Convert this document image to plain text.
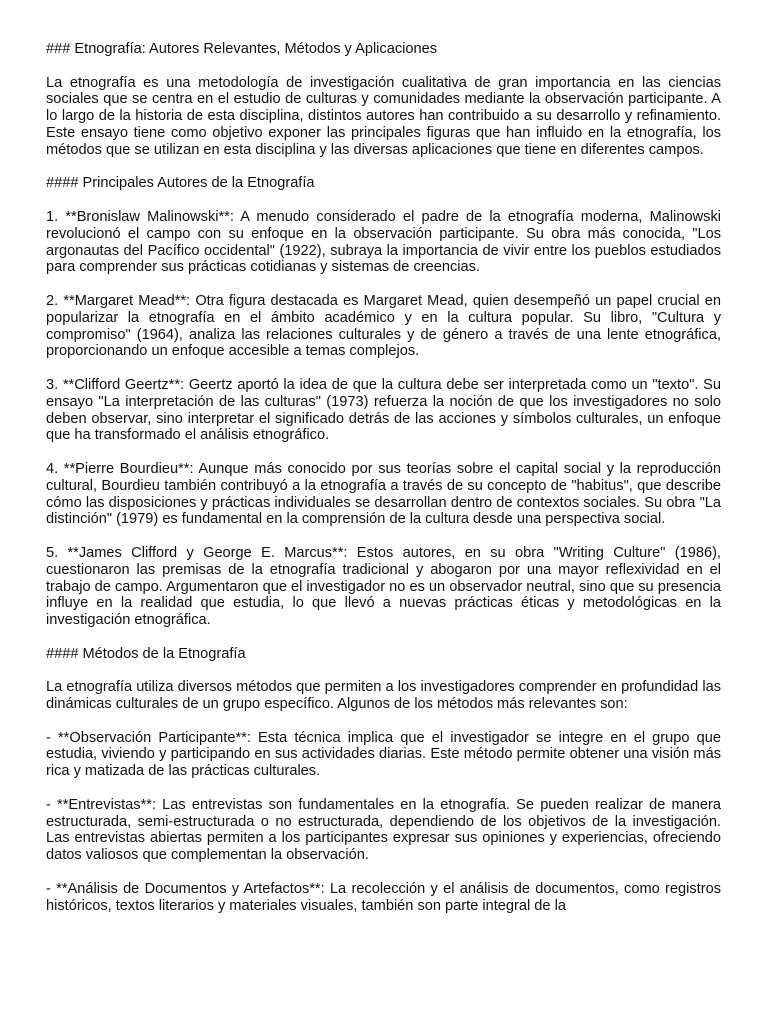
### Etnografía: Autores Relevantes, Métodos y Aplicaciones

La etnografía es una metodología de investigación cualitativa de gran importancia en las ciencias sociales que se centra en el estudio de culturas y comunidades mediante la observación participante. A lo largo de la historia de esta disciplina, distintos autores han contribuido a su desarrollo y refinamiento. Este ensayo tiene como objetivo exponer las principales figuras que han influido en la etnografía, los métodos que se utilizan en esta disciplina y las diversas aplicaciones que tiene en diferentes campos.

#### Principales Autores de la Etnografía

1. **Bronislaw Malinowski**: A menudo considerado el padre de la etnografía moderna, Malinowski revolucionó el campo con su enfoque en la observación participante. Su obra más conocida, "Los argonautas del Pacífico occidental" (1922), subraya la importancia de vivir entre los pueblos estudiados para comprender sus prácticas cotidianas y sistemas de creencias.

2. **Margaret Mead**: Otra figura destacada es Margaret Mead, quien desempeñó un papel crucial en popularizar la etnografía en el ámbito académico y en la cultura popular. Su libro, "Cultura y compromiso" (1964), analiza las relaciones culturales y de género a través de una lente etnográfica, proporcionando un enfoque accesible a temas complejos.

3. **Clifford Geertz**: Geertz aportó la idea de que la cultura debe ser interpretada como un "texto". Su ensayo "La interpretación de las culturas" (1973) refuerza la noción de que los investigadores no solo deben observar, sino interpretar el significado detrás de las acciones y símbolos culturales, un enfoque que ha transformado el análisis etnográfico.

4. **Pierre Bourdieu**: Aunque más conocido por sus teorías sobre el capital social y la reproducción cultural, Bourdieu también contribuyó a la etnografía a través de su concepto de "habitus", que describe cómo las disposiciones y prácticas individuales se desarrollan dentro de contextos sociales. Su obra "La distinción" (1979) es fundamental en la comprensión de la cultura desde una perspectiva social.

5. **James Clifford y George E. Marcus**: Estos autores, en su obra "Writing Culture" (1986), cuestionaron las premisas de la etnografía tradicional y abogaron por una mayor reflexividad en el trabajo de campo. Argumentaron que el investigador no es un observador neutral, sino que su presencia influye en la realidad que estudia, lo que llevó a nuevas prácticas éticas y metodológicas en la investigación etnográfica.

#### Métodos de la Etnografía

La etnografía utiliza diversos métodos que permiten a los investigadores comprender en profundidad las dinámicas culturales de un grupo específico. Algunos de los métodos más relevantes son:

- **Observación Participante**: Esta técnica implica que el investigador se integre en el grupo que estudia, viviendo y participando en sus actividades diarias. Este método permite obtener una visión más rica y matizada de las prácticas culturales.

- **Entrevistas**: Las entrevistas son fundamentales en la etnografía. Se pueden realizar de manera estructurada, semi-estructurada o no estructurada, dependiendo de los objetivos de la investigación. Las entrevistas abiertas permiten a los participantes expresar sus opiniones y experiencias, ofreciendo datos valiosos que complementan la observación.

- **Análisis de Documentos y Artefactos**: La recolección y el análisis de documentos, como registros históricos, textos literarios y materiales visuales, también son parte integral de la
